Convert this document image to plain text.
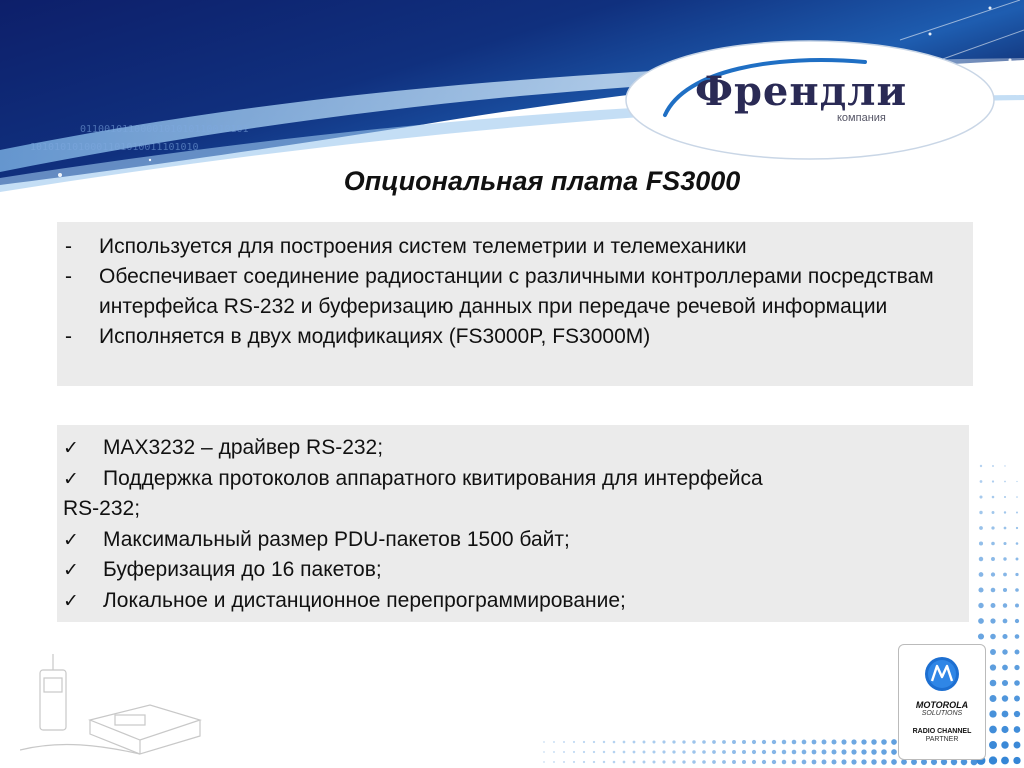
1010101010001101010011101010
0110010110000101010110010101
Френдли
компания
Опциональная плата FS3000
- Используется для построения систем телеметрии и телемеханики
- Обеспечивает соединение радиостанции с различными контроллерами посредствам интерфейса RS-232 и буферизацию данных при передаче речевой информации
- Исполняется в двух модификациях (FS3000P, FS3000M)
✓ MAX3232 – драйвер RS-232;
✓ Поддержка протоколов аппаратного квитирования для интерфейса
RS-232;
✓ Максимальный размер PDU-пакетов 1500 байт;
✓ Буферизация до 16 пакетов;
✓ Локальное и дистанционное перепрограммирование;
MOTOROLA
SOLUTIONS
RADIO CHANNEL
PARTNER
